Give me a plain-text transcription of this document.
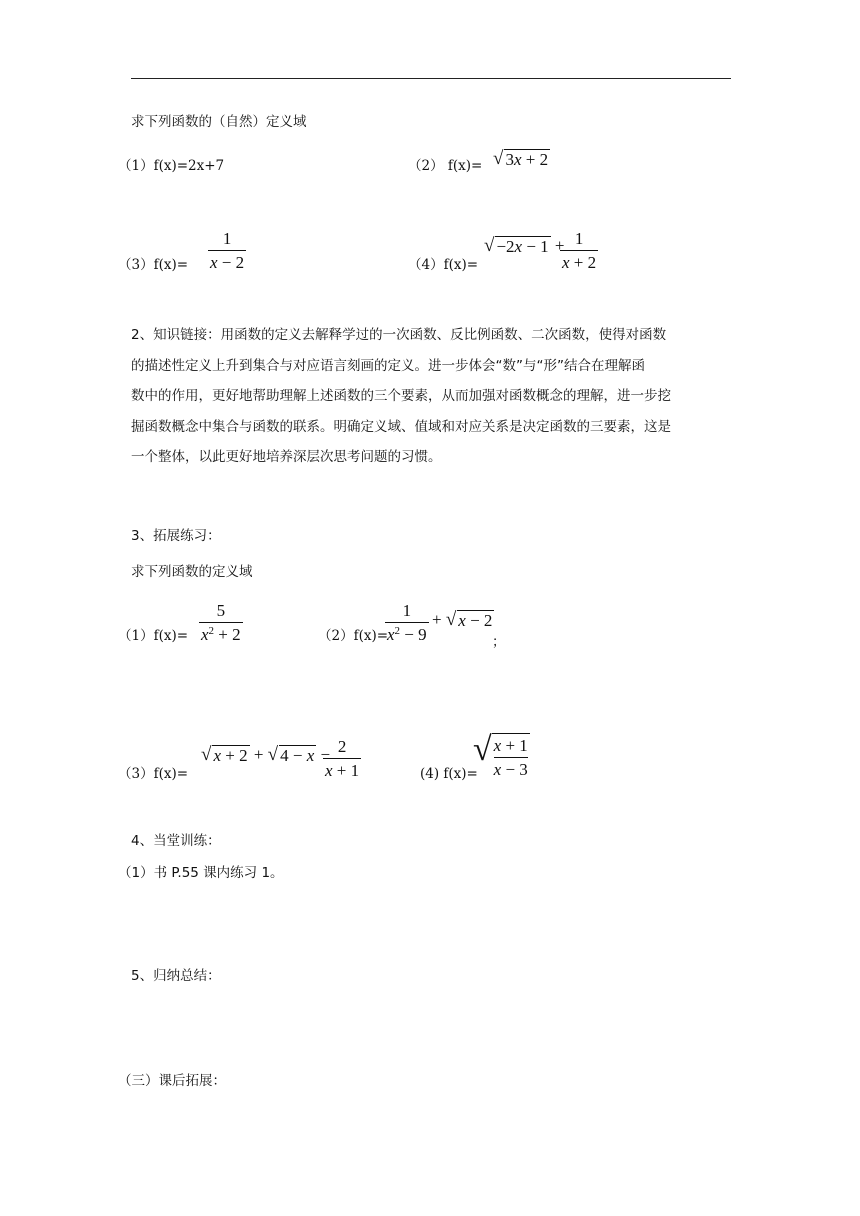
求下列函数的（自然）定义域
（1）f(x)=2x+7	（2） f(x)= √ 3x + 2
（3）f(x)=
1
x − 2	（4）f(x)=
√ −2x − 1 + 1
x + 2
2、知识链接：用函数的定义去解释学过的一次函数、反比例函数、二次函数，使得对函数
的描述性定义上升到集合与对应语言刻画的定义。进一步体会“数”与“形”结合在理解函
数中的作用，更好地帮助理解上述函数的三个要素，从而加强对函数概念的理解，进一步挖
掘函数概念中集合与函数的联系。明确定义域、值域和对应关系是决定函数的三要素，这是
一个整体，以此更好地培养深层次思考问题的习惯。
3、拓展练习：
求下列函数的定义域
（1）f(x)=
5
$x^2 + 2$	（2）f(x)=
1
$x^2 - 9$
+ √ x − 2
；
（3）f(x)=
√ x + 2 + √ 4 − x − 2
x + 1	(4) f(x)=
√ x + 1
x − 3
4、当堂训练：
（1）书 P.55 课内练习 1。
5、归纳总结：
（三）课后拓展：
